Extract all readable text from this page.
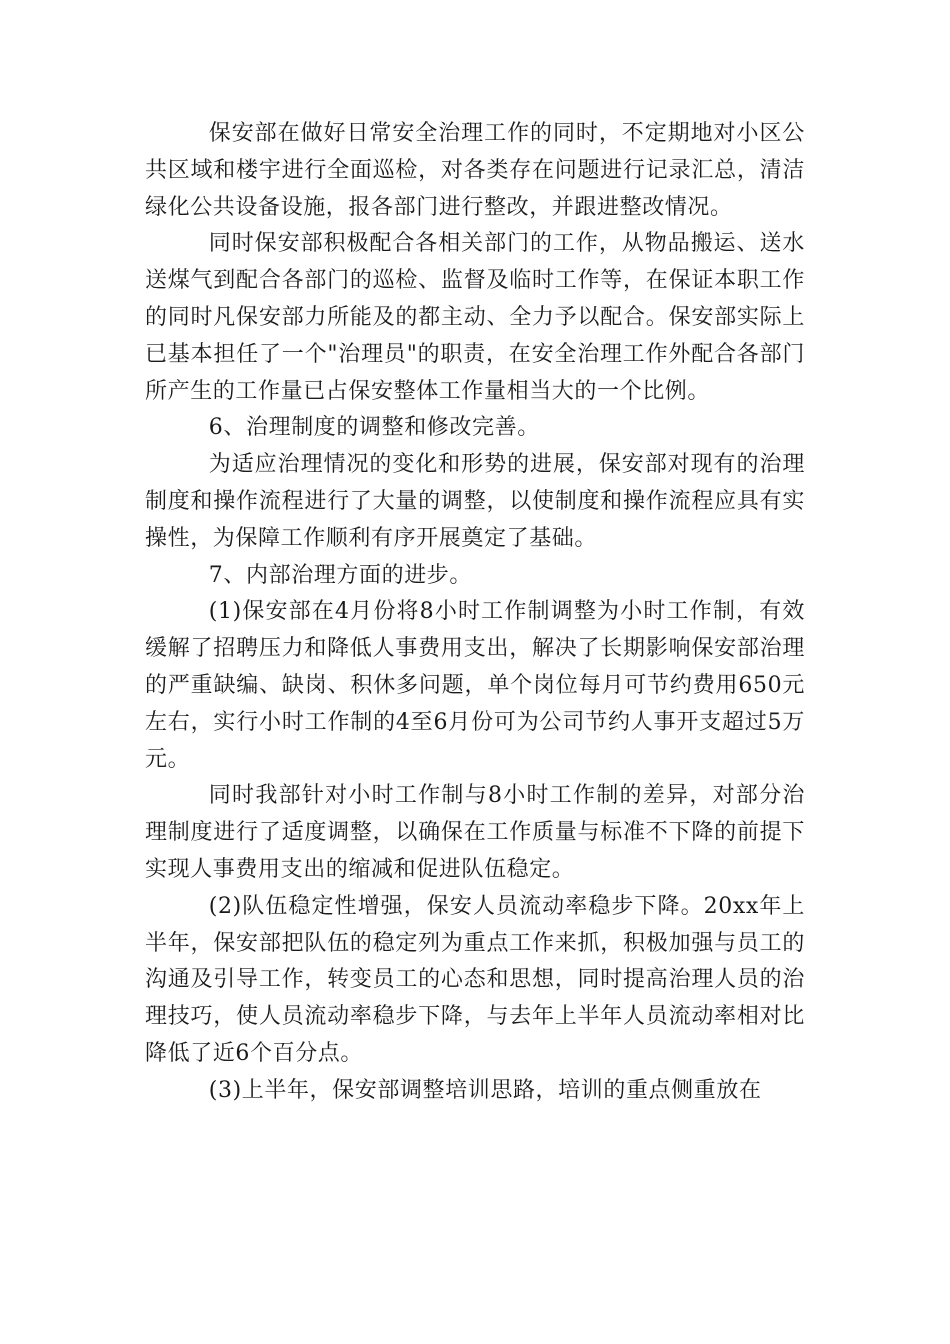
保安部在做好日常安全治理工作的同时，不定期地对小区公共区域和楼宇进行全面巡检，对各类存在问题进行记录汇总，清洁绿化公共设备设施，报各部门进行整改，并跟进整改情况。

同时保安部积极配合各相关部门的工作，从物品搬运、送水送煤气到配合各部门的巡检、监督及临时工作等，在保证本职工作的同时凡保安部力所能及的都主动、全力予以配合。保安部实际上已基本担任了一个"治理员"的职责，在安全治理工作外配合各部门所产生的工作量已占保安整体工作量相当大的一个比例。

6、治理制度的调整和修改完善。

为适应治理情况的变化和形势的进展，保安部对现有的治理制度和操作流程进行了大量的调整，以使制度和操作流程应具有实操性，为保障工作顺利有序开展奠定了基础。

7、内部治理方面的进步。

(1)保安部在4月份将8小时工作制调整为小时工作制，有效缓解了招聘压力和降低人事费用支出，解决了长期影响保安部治理的严重缺编、缺岗、积休多问题，单个岗位每月可节约费用650元左右，实行小时工作制的4至6月份可为公司节约人事开支超过5万元。

同时我部针对小时工作制与8小时工作制的差异，对部分治理制度进行了适度调整，以确保在工作质量与标准不下降的前提下实现人事费用支出的缩减和促进队伍稳定。

(2)队伍稳定性增强，保安人员流动率稳步下降。20xx年上半年，保安部把队伍的稳定列为重点工作来抓，积极加强与员工的沟通及引导工作，转变员工的心态和思想，同时提高治理人员的治理技巧，使人员流动率稳步下降，与去年上半年人员流动率相对比降低了近6个百分点。

(3)上半年，保安部调整培训思路，培训的重点侧重放在
